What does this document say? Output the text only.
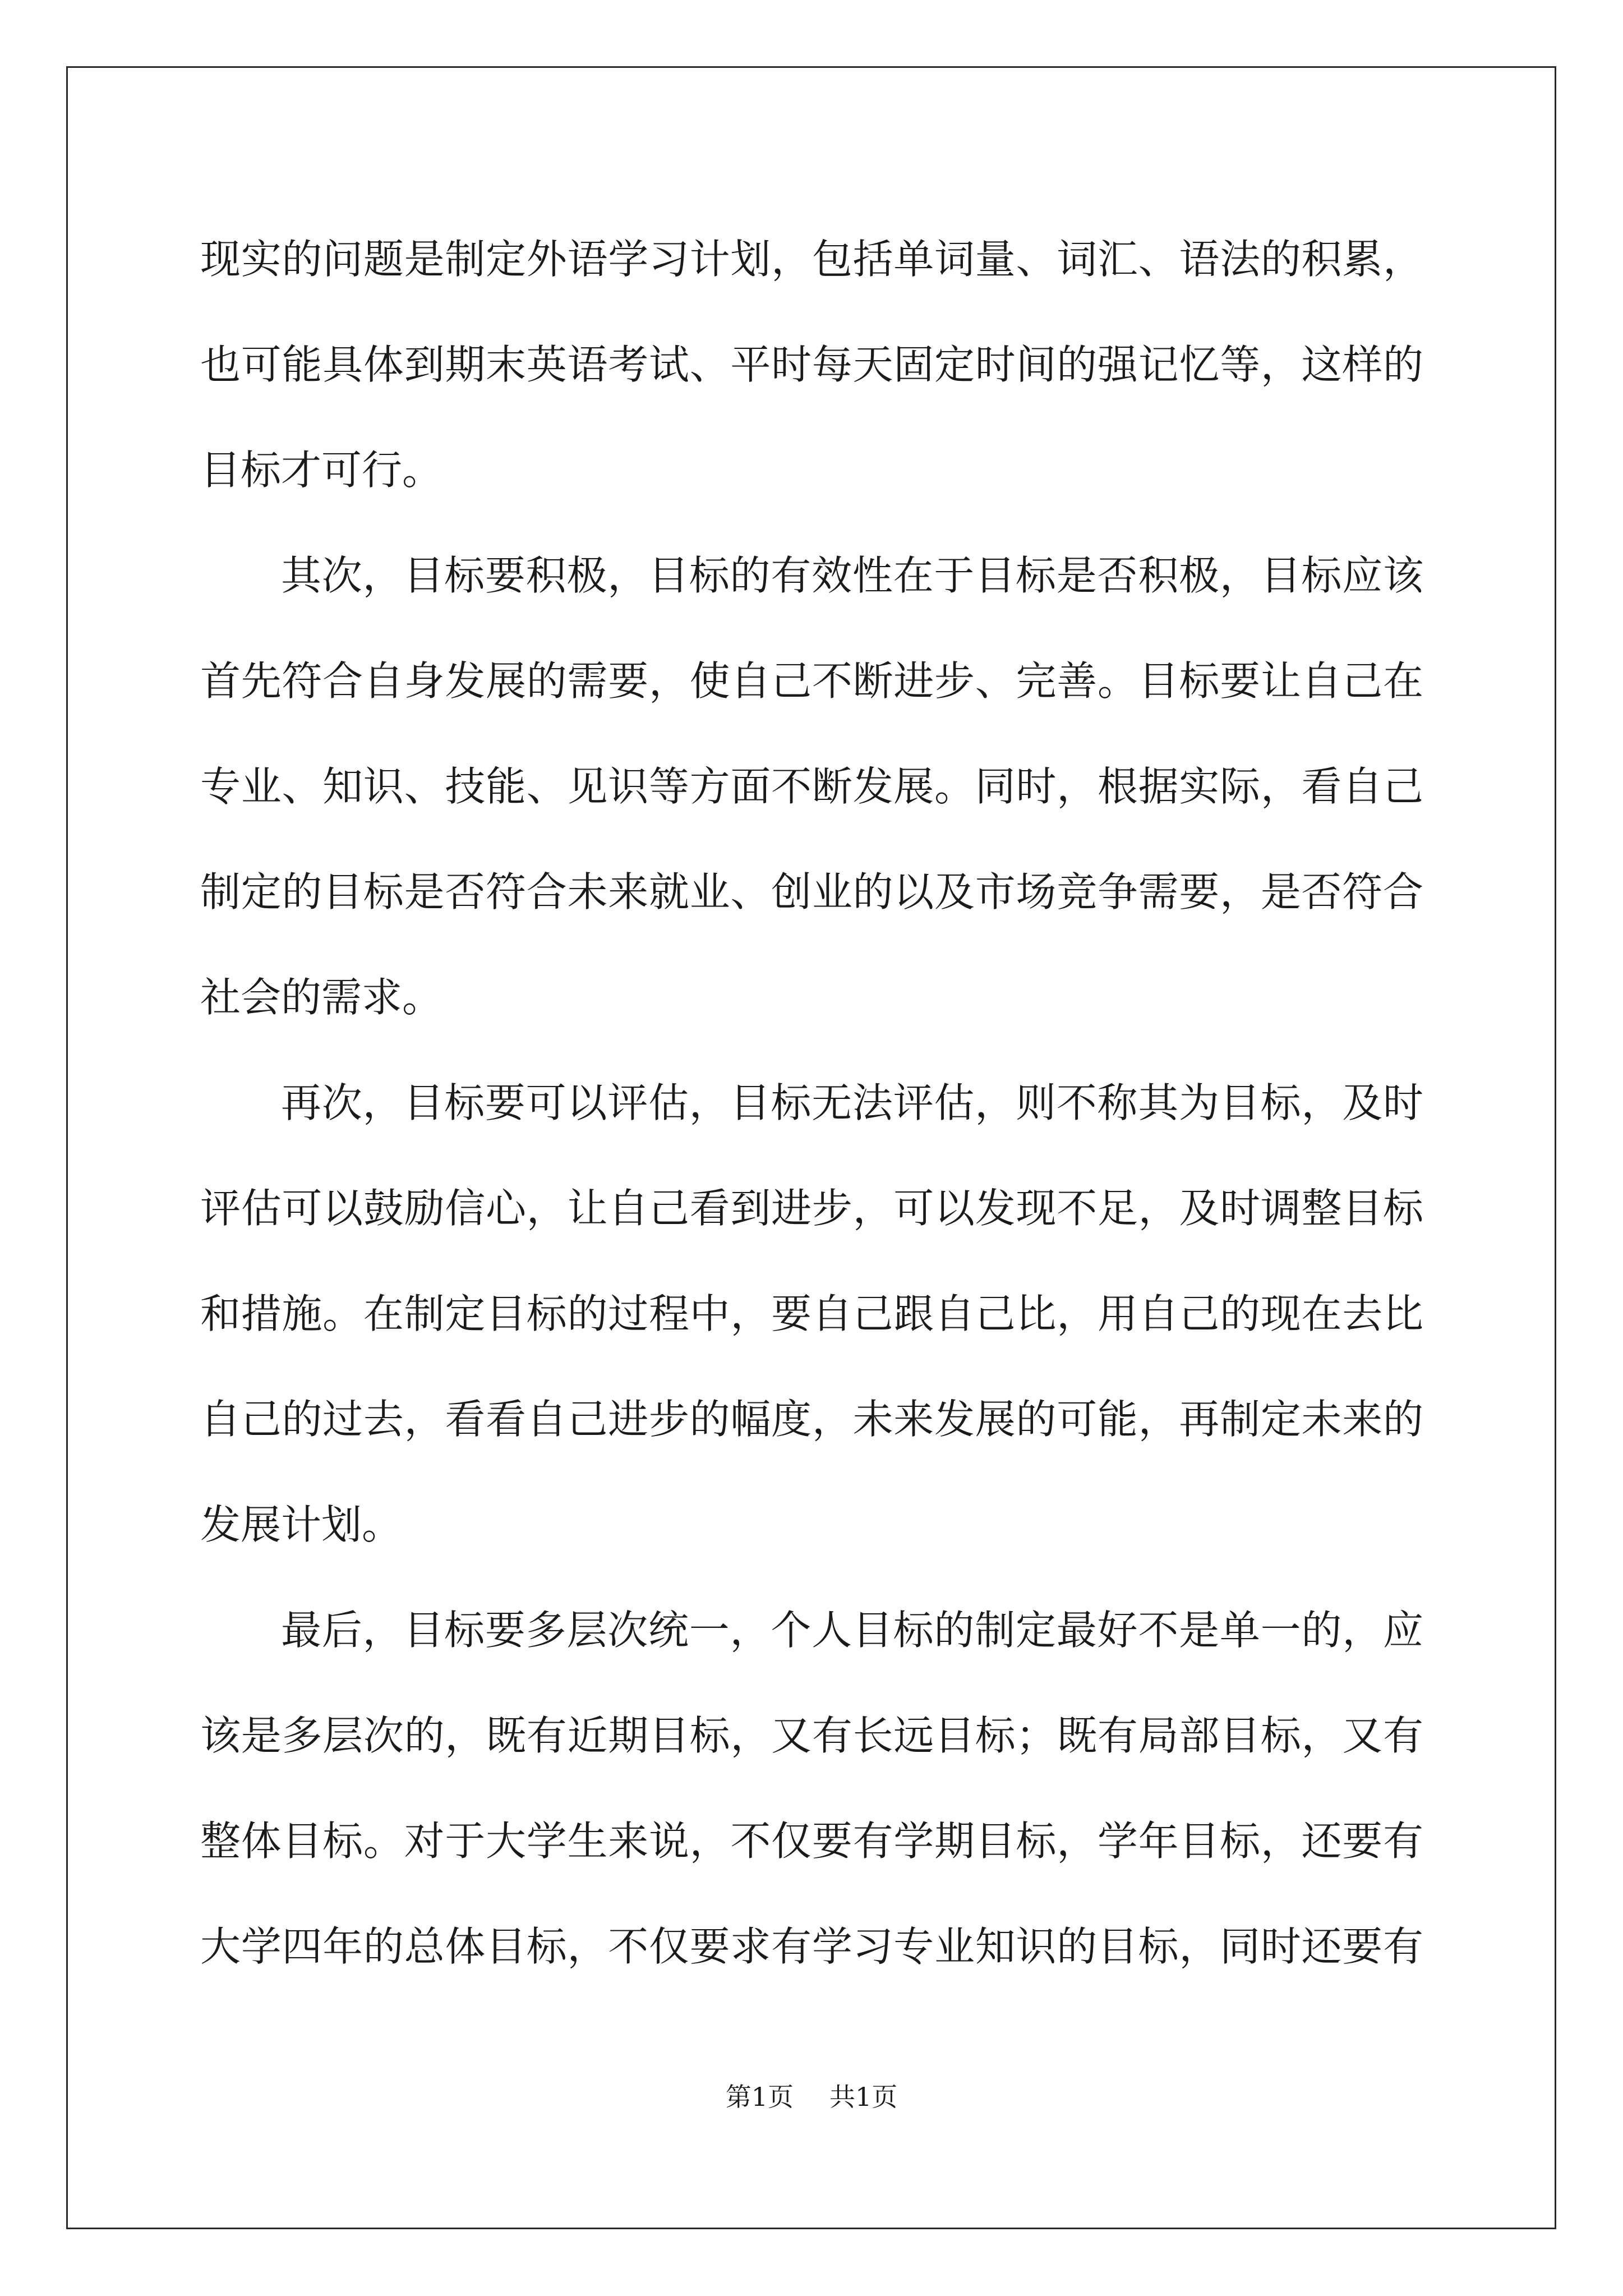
现实的问题是制定外语学习计划，包括单词量、词汇、语法的积累，
也可能具体到期末英语考试、平时每天固定时间的强记忆等，这样的
目标才可行。
其次，目标要积极，目标的有效性在于目标是否积极，目标应该
首先符合自身发展的需要，使自己不断进步、完善。目标要让自己在
专业、知识、技能、见识等方面不断发展。同时，根据实际，看自己
制定的目标是否符合未来就业、创业的以及市场竞争需要，是否符合
社会的需求。
再次，目标要可以评估，目标无法评估，则不称其为目标，及时
评估可以鼓励信心，让自己看到进步，可以发现不足，及时调整目标
和措施。在制定目标的过程中，要自己跟自己比，用自己的现在去比
自己的过去，看看自己进步的幅度，未来发展的可能，再制定未来的
发展计划。
最后，目标要多层次统一，个人目标的制定最好不是单一的，应
该是多层次的，既有近期目标，又有长远目标；既有局部目标，又有
整体目标。对于大学生来说，不仅要有学期目标，学年目标，还要有
大学四年的总体目标，不仅要求有学习专业知识的目标，同时还要有
第1页 共1页
